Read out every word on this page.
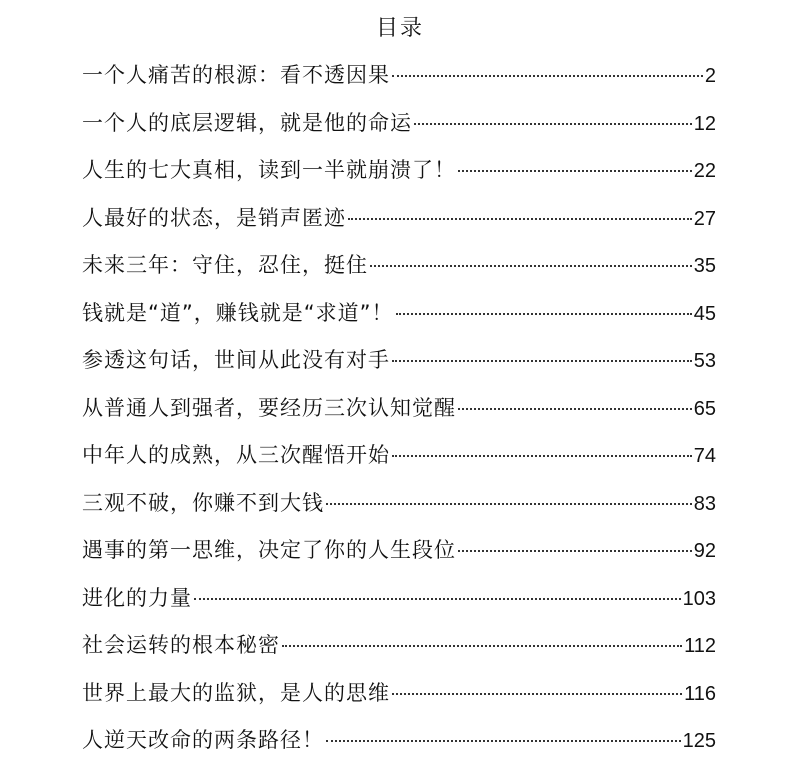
目录
一个人痛苦的根源：看不透因果	2
一个人的底层逻辑，就是他的命运	12
人生的七大真相，读到一半就崩溃了！	22
人最好的状态，是销声匿迹	27
未来三年：守住，忍住，挺住	35
钱就是“道”，赚钱就是“求道”！	45
参透这句话，世间从此没有对手	53
从普通人到强者，要经历三次认知觉醒	65
中年人的成熟，从三次醒悟开始	74
三观不破，你赚不到大钱	83
遇事的第一思维，决定了你的人生段位	92
进化的力量	103
社会运转的根本秘密	112
世界上最大的监狱，是人的思维	116
人逆天改命的两条路径！	125
